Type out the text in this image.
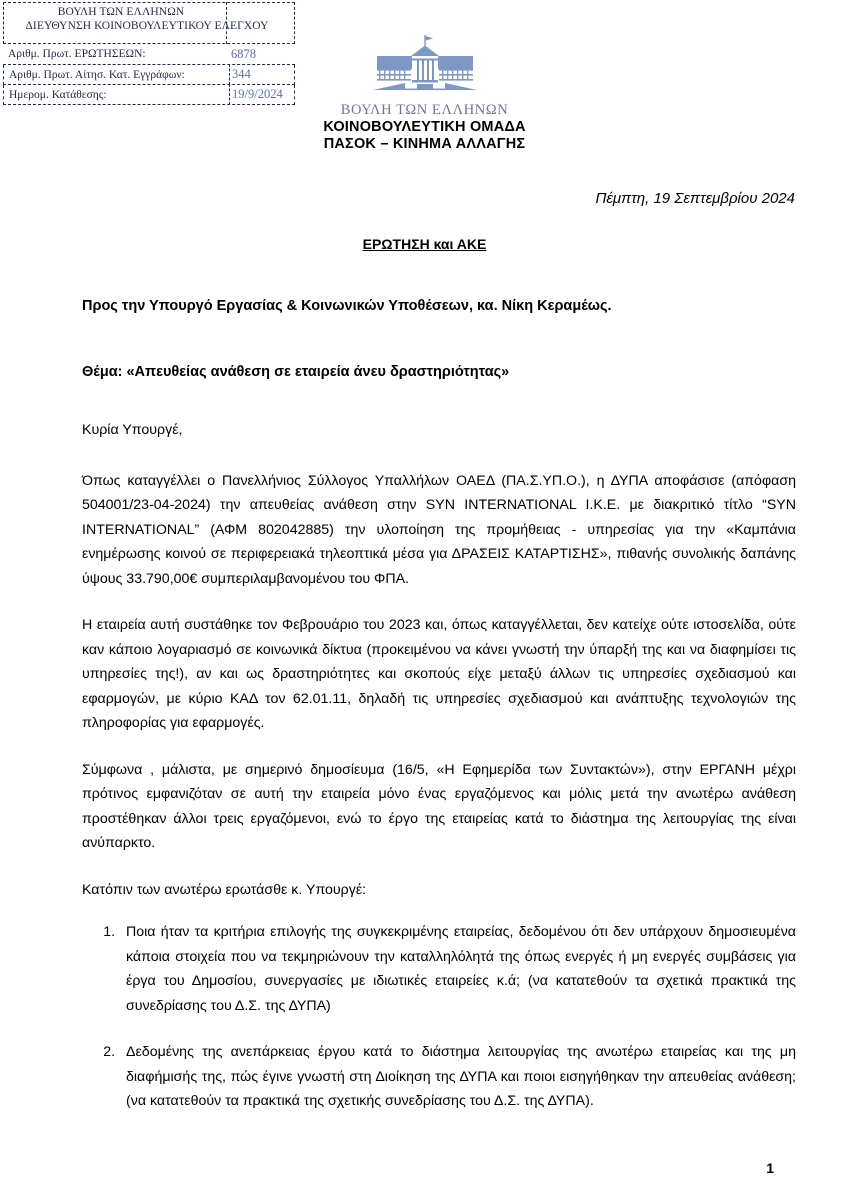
ΒΟΥΛΗ ΤΩΝ ΕΛΛΗΝΩΝ
ΔΙΕΥΘΥΝΣΗ ΚΟΙΝΟΒΟΥΛΕΥΤΙΚΟΥ ΕΛΕΓΧΟΥ
Αριθμ. Πρωτ. ΕΡΩΤΗΣΕΩΝ:	6878
Αριθμ. Πρωτ. Αίτησ. Κατ. Εγγράφων:	344
Ημερομ. Κατάθεσης:	19/9/2024
ΒΟΥΛΗ ΤΩΝ ΕΛΛΗΝΩΝ
ΚΟΙΝΟΒΟΥΛΕΥΤΙΚΗ ΟΜΑΔΑ
ΠΑΣΟΚ – ΚΙΝΗΜΑ ΑΛΛΑΓΗΣ
Πέμπτη, 19 Σεπτεμβρίου 2024
ΕΡΩΤΗΣΗ και ΑΚΕ
Προς την Υπουργό Εργασίας & Κοινωνικών Υποθέσεων, κα. Νίκη Κεραμέως.
Θέμα: «Απευθείας ανάθεση σε εταιρεία άνευ δραστηριότητας»

Κυρία Υπουργέ,

Όπως καταγγέλλει ο Πανελλήνιος Σύλλογος Υπαλλήλων ΟΑΕΔ (ΠΑ.Σ.ΥΠ.Ο.), η ΔΥΠΑ αποφάσισε (απόφαση 504001/23-04-2024) την απευθείας ανάθεση στην SYN INTERNATIONAL Ι.Κ.Ε. με διακριτικό τίτλο “SYN INTERNATIONAL” (ΑΦΜ 802042885) την υλοποίηση της προμήθειας - υπηρεσίας για την «Καμπάνια ενημέρωσης κοινού σε περιφερειακά τηλεοπτικά μέσα για ΔΡΑΣΕΙΣ ΚΑΤΑΡΤΙΣΗΣ», πιθανής συνολικής δαπάνης ύψους 33.790,00€ συμπεριλαμβανομένου του ΦΠΑ.

Η εταιρεία αυτή συστάθηκε τον Φεβρουάριο του 2023 και, όπως καταγγέλλεται, δεν κατείχε ούτε ιστοσελίδα, ούτε καν κάποιο λογαριασμό σε κοινωνικά δίκτυα (προκειμένου να κάνει γνωστή την ύπαρξή της και να διαφημίσει τις υπηρεσίες της!), αν και ως δραστηριότητες και σκοπούς είχε μεταξύ άλλων τις υπηρεσίες σχεδιασμού και εφαρμογών, με κύριο ΚΑΔ τον 62.01.11, δηλαδή τις υπηρεσίες σχεδιασμού και ανάπτυξης τεχνολογιών της πληροφορίας για εφαρμογές.

Σύμφωνα , μάλιστα, με σημερινό δημοσίευμα (16/5, «Η Εφημερίδα των Συντακτών»), στην ΕΡΓΑΝΗ μέχρι πρότινος εμφανιζόταν σε αυτή την εταιρεία μόνο ένας εργαζόμενος και μόλις μετά την ανωτέρω ανάθεση προστέθηκαν άλλοι τρεις εργαζόμενοι, ενώ το έργο της εταιρείας κατά το διάστημα της λειτουργίας της είναι ανύπαρκτο.

Κατόπιν των ανωτέρω ερωτάσθε κ. Υπουργέ:

1. Ποια ήταν τα κριτήρια επιλογής της συγκεκριμένης εταιρείας, δεδομένου ότι δεν υπάρχουν δημοσιευμένα κάποια στοιχεία που να τεκμηριώνουν την καταλληλόλητά της όπως ενεργές ή μη ενεργές συμβάσεις για έργα του Δημοσίου, συνεργασίες με ιδιωτικές εταιρείες κ.ά; (να κατατεθούν τα σχετικά πρακτικά της συνεδρίασης του Δ.Σ. της ΔΥΠΑ)
2. Δεδομένης της ανεπάρκειας έργου κατά το διάστημα λειτουργίας της ανωτέρω εταιρείας και της μη διαφήμισής της, πώς έγινε γνωστή στη Διοίκηση της ΔΥΠΑ και ποιοι εισηγήθηκαν την απευθείας ανάθεση; (να κατατεθούν τα πρακτικά της σχετικής συνεδρίασης του Δ.Σ. της ΔΥΠΑ).
1
